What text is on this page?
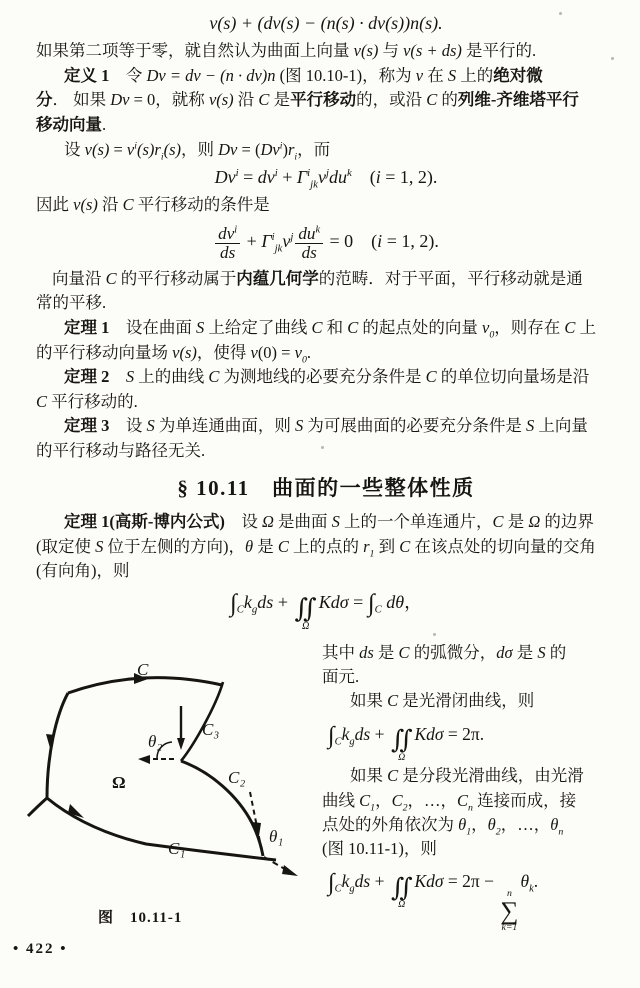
v(s) + (dv(s) − (n(s) · dv(s))n(s).
如果第二项等于零，就自然认为曲面上向量 v(s) 与 v(s + ds) 是平行的.
定义 1　令 Dv = dv − (n · dv)n (图 10.10-1)，称为 v 在 S 上的绝对微
分． 如果 Dv = 0，就称 v(s) 沿 C 是平行移动的，或沿 C 的列维-齐维塔平行
移动向量.
设 $v(s) = v^i(s)r_i(s)$，则 $Dv = (Dv^i)r_i$，而
$Dv^i = dv^i + \Gamma^i_{jk}v^jdu^k$　(i = 1, 2).
因此 v(s) 沿 C 平行移动的条件是
$\frac{dv^i}{ds} + \Gamma^i_{jk}v^j \frac{du^k}{ds} = 0$　(i = 1, 2).
向量沿 C 的平行移动属于内蕴几何学的范畴．对于平面，平行移动就是通
常的平移.
定理 1　设在曲面 S 上给定了曲线 C 和 C 的起点处的向量 $v_0$，则存在 C 上
的平行移动向量场 v(s)，使得 $v(0) = v_0$.
定理 2　 S 上的曲线 C 为测地线的必要充分条件是 C 的单位切向量场是沿
C 平行移动的.
定理 3　设 S 为单连通曲面，则 S 为可展曲面的必要充分条件是 S 上向量
的平行移动与路径无关.
§ 10.11　曲面的一些整体性质
定理 1(高斯-博内公式)　设 Ω 是曲面 S 上的一个单连通片，C 是 Ω 的边界
(取定使 S 位于左侧的方向)，θ 是 C 上的点的 $r_1$ 到 C 在该点处的切向量的交角
(有向角)，则
$\int_Ck_gds$ + ∬
Ω
$Kd\sigma = \int_C$ dθ，
C
C₃
θ₂
Ω	C₂
θ₁
C₁
图　10.11-1
其中 ds 是 C 的弧微分，dσ 是 S 的
面元.
如果 C 是光滑闭曲线，则
$\int_Ck_gds$ + ∬
Ω
Kdσ = 2π.
如果 C 是分段光滑曲线，由光滑
曲线 $C_1$，$C_2$，…，$C_n$ 连接而成，接
点处的外角依次为 $\theta_1$，$\theta_2$，…，$\theta_n$
(图 10.11-1)，则
$\int_Ck_gds$ + ∬
Ω
Kdσ = 2π −
n
∑
k=1
$\theta_k$.
• 422 •
